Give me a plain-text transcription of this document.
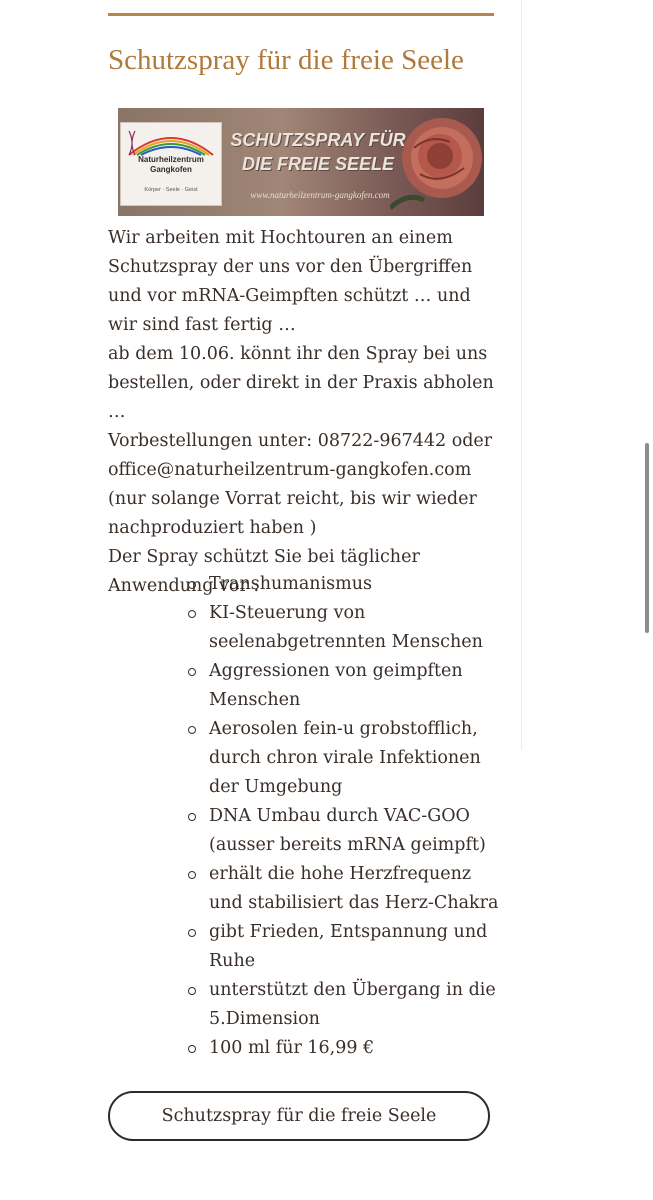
Schutzspray für die freie Seele
Naturheilzentrum
Gangkofen
Körper · Seele · Geist
SCHUTZSPRAY FÜR
DIE FREIE SEELE
www.naturheilzentrum-gangkofen.com

Wir arbeiten mit Hochtouren an einem Schutzspray der uns vor den Übergriffen und vor mRNA-Geimpften schützt … und wir sind fast fertig …

ab dem 10.06. könnt ihr den Spray bei uns bestellen, oder direkt in der Praxis abholen …

Vorbestellungen unter: 08722-967442 oder office@naturheilzentrum-gangkofen.com (nur solange Vorrat reicht, bis wir wieder nachproduziert haben )

Der Spray schützt Sie bei täglicher Anwendung vor :

Transhumanismus
KI-Steuerung von seelenabgetrennten Menschen
Aggressionen von geimpften Menschen
Aerosolen fein-u grobstofflich, durch chron virale Infektionen der Umgebung
DNA Umbau durch VAC-GOO (ausser bereits mRNA geimpft)
erhält die hohe Herzfrequenz und stabilisiert das Herz-Chakra
gibt Frieden, Entspannung und Ruhe
unterstützt den Übergang in die 5.Dimension
100 ml für 16,99 €
Schutzspray für die freie Seele
